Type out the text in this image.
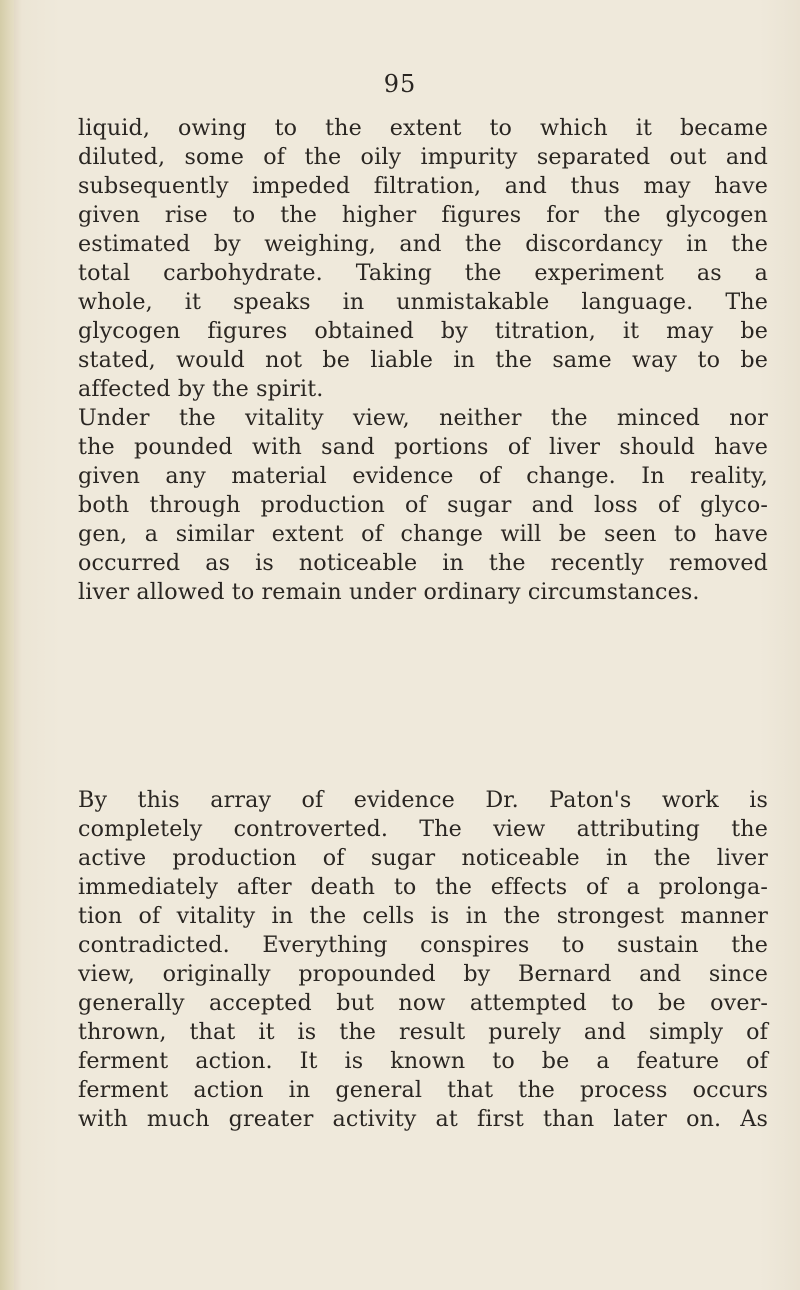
95
liquid, owing to the extent to which it became
diluted, some of the oily impurity separated out and
subsequently impeded filtration, and thus may have
given rise to the higher figures for the glycogen
estimated by weighing, and the discordancy in the
total carbohydrate. Taking the experiment as a
whole, it speaks in unmistakable language. The
glycogen figures obtained by titration, it may be
stated, would not be liable in the same way to be
affected by the spirit.
Under the vitality view, neither the minced nor
the pounded with sand portions of liver should have
given any material evidence of change. In reality,
both through production of sugar and loss of glyco-
gen, a similar extent of change will be seen to have
occurred as is noticeable in the recently removed
liver allowed to remain under ordinary circumstances.
By this array of evidence Dr. Paton's work is
completely controverted. The view attributing the
active production of sugar noticeable in the liver
immediately after death to the effects of a prolonga-
tion of vitality in the cells is in the strongest manner
contradicted. Everything conspires to sustain the
view, originally propounded by Bernard and since
generally accepted but now attempted to be over-
thrown, that it is the result purely and simply of
ferment action. It is known to be a feature of
ferment action in general that the process occurs
with much greater activity at first than later on. As
